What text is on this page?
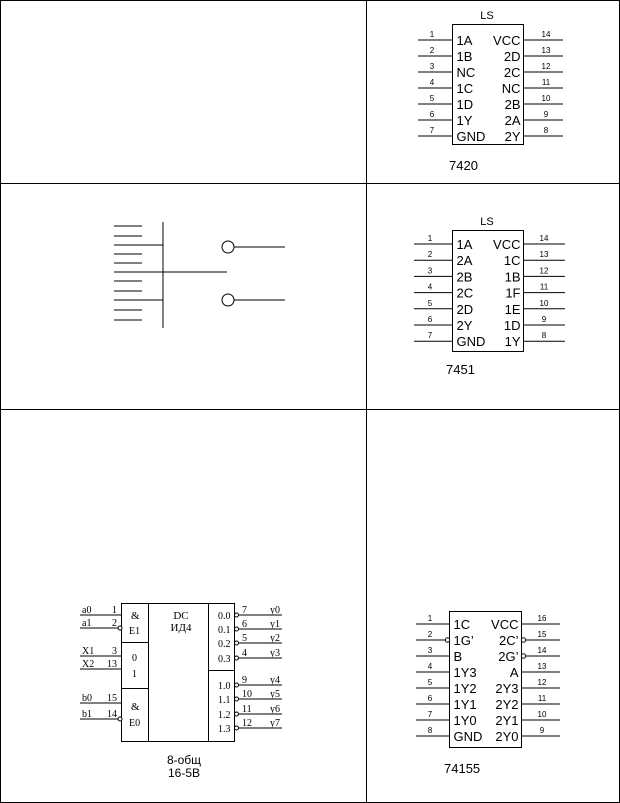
LS
1 1A
2 1B
3 NC
4 1C
5 1D
6 1Y
7 GND
14
VCC
13
2D
12
2C
11
NC
10
2B
9
2A
8
2Y
7420
LS
1 1A
2 2A
3 2B
4 2C
5 2D
6 2Y
7 GND
14
VCC
13
1C
12
1B
11
1F
10
1E
9
1D
8
1Y
7451
1 1C
2 1G’
3 B
4 1Y3
5 1Y2
6 1Y1
7 1Y0
8 GND
16
VCC
15
2C’
14
2G’
13
A
12
2Y3
11
2Y2
10
2Y1
9
2Y0
74155
DC
ИД4
&
E1
0
1
&
E0
a0 1
a1 2
X1 3
X2 13
b0 15
b1 14
0.0
7 y0
0.1
6 y1
0.2
5 y2
0.3
4 y3
1.0
9 y4
1.1
10 y5
1.2
11 y6
1.3
12 y7
8-общ
16-5В
